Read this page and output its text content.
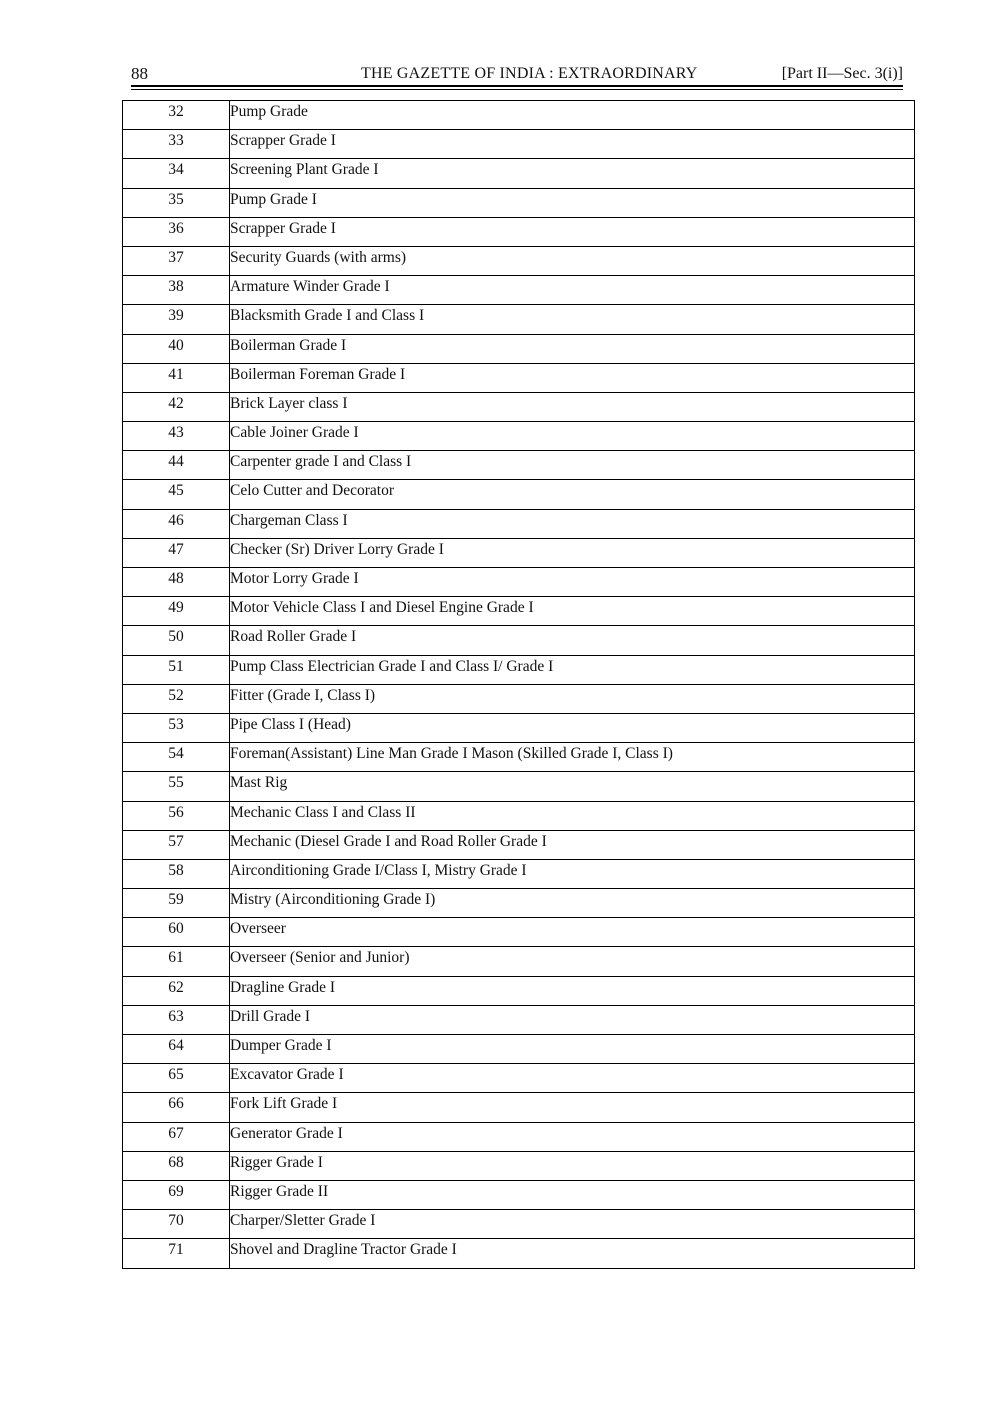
88	THE GAZETTE OF INDIA : EXTRAORDINARY	[Part II—Sec. 3(i)]
32	Pump Grade
33	Scrapper Grade I
34	Screening Plant Grade I
35	Pump Grade I
36	Scrapper Grade I
37	Security Guards (with arms)
38	Armature Winder Grade I
39	Blacksmith Grade I and Class I
40	Boilerman Grade I
41	Boilerman Foreman Grade I
42	Brick Layer class I
43	Cable Joiner Grade I
44	Carpenter grade I and Class I
45	Celo Cutter and Decorator
46	Chargeman Class I
47	Checker (Sr) Driver Lorry Grade I
48	Motor Lorry Grade I
49	Motor Vehicle Class I and Diesel Engine Grade I
50	Road Roller Grade I
51	Pump Class Electrician Grade I and Class I/ Grade I
52	Fitter (Grade I, Class I)
53	Pipe Class I (Head)
54	Foreman(Assistant) Line Man Grade I Mason (Skilled Grade I, Class I)
55	Mast Rig
56	Mechanic Class I and Class II
57	Mechanic (Diesel Grade I and Road Roller Grade I
58	Airconditioning Grade I/Class I, Mistry Grade I
59	Mistry (Airconditioning Grade I)
60	Overseer
61	Overseer (Senior and Junior)
62	Dragline Grade I
63	Drill Grade I
64	Dumper Grade I
65	Excavator Grade I
66	Fork Lift Grade I
67	Generator Grade I
68	Rigger Grade I
69	Rigger Grade II
70	Charper/Sletter Grade I
71	Shovel and Dragline Tractor Grade I
